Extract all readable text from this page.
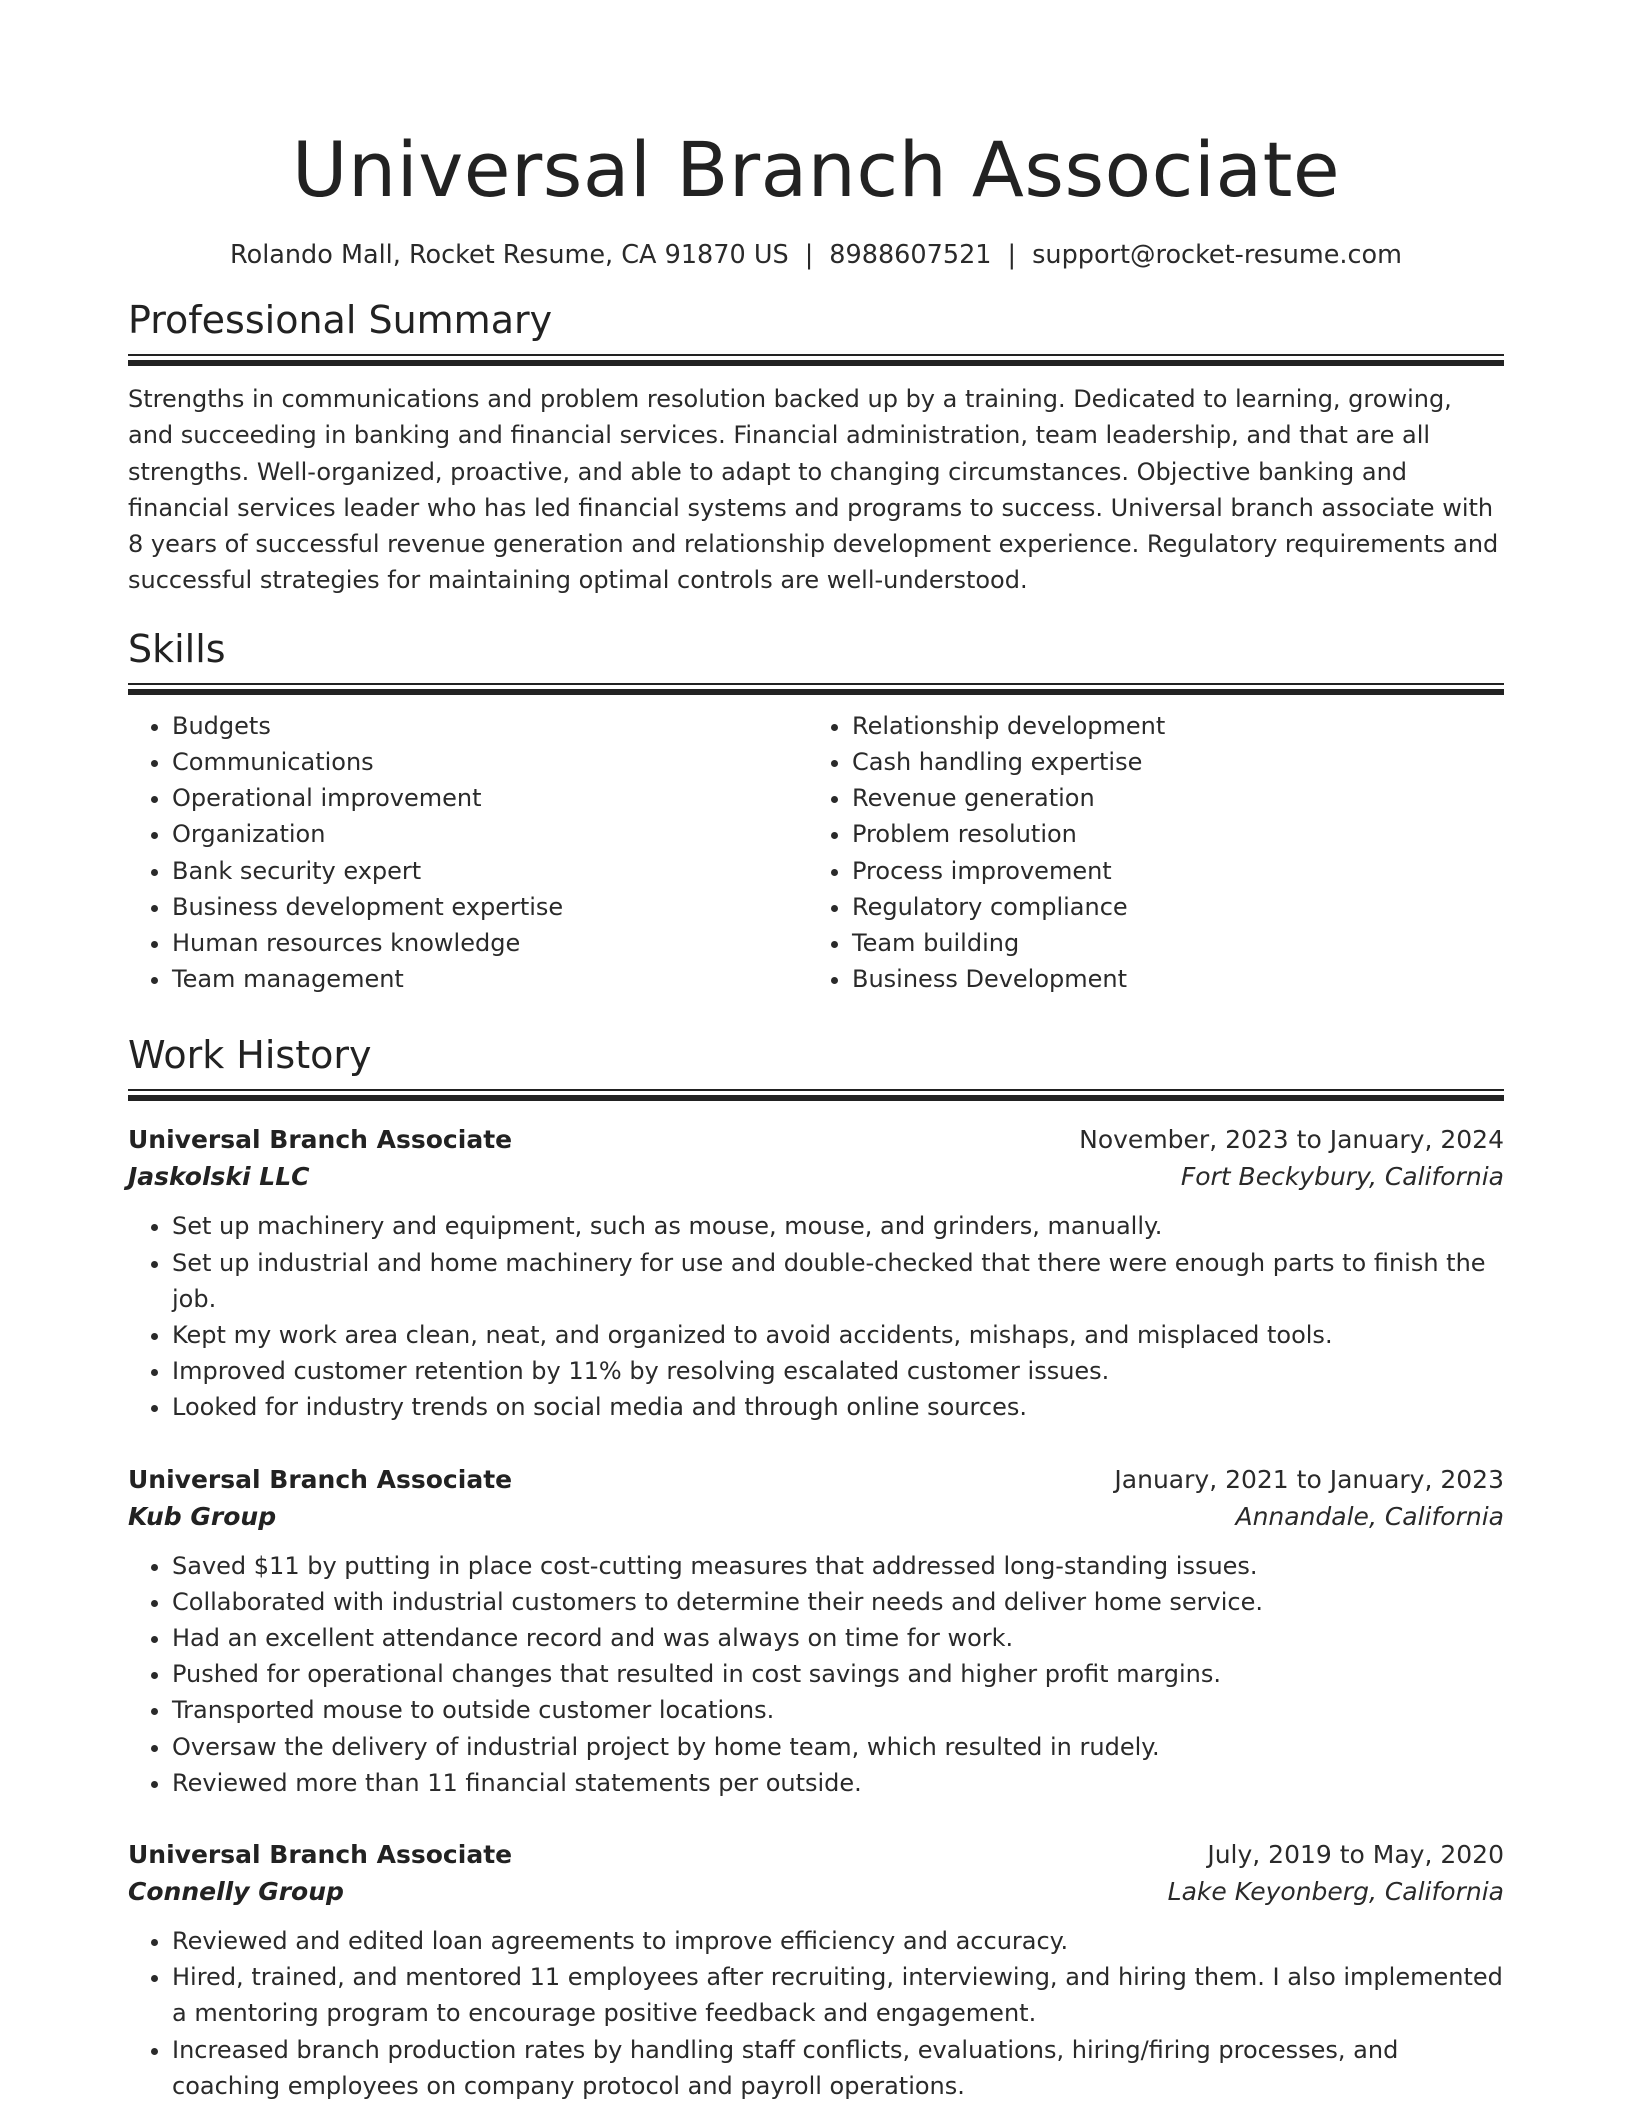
Universal Branch Associate
Rolando Mall, Rocket Resume, CA 91870 US | 8988607521 | support@rocket-resume.com
Professional Summary

Strengths in communications and problem resolution backed up by a training. Dedicated to learning, growing, and succeeding in banking and financial services. Financial administration, team leadership, and that are all strengths. Well-organized, proactive, and able to adapt to changing circumstances. Objective banking and financial services leader who has led financial systems and programs to success. Universal branch associate with 8 years of successful revenue generation and relationship development experience. Regulatory requirements and successful strategies for maintaining optimal controls are well-understood.

Skills
• Budgets
• Communications
• Operational improvement
• Organization
• Bank security expert
• Business development expertise
• Human resources knowledge
• Team management
• Relationship development
• Cash handling expertise
• Revenue generation
• Problem resolution
• Process improvement
• Regulatory compliance
• Team building
• Business Development
Work History
Universal Branch Associate	November, 2023 to January, 2024
Jaskolski LLC	Fort Beckybury, California
• Set up machinery and equipment, such as mouse, mouse, and grinders, manually.
• Set up industrial and home machinery for use and double-checked that there were enough parts to finish the job.
• Kept my work area clean, neat, and organized to avoid accidents, mishaps, and misplaced tools.
• Improved customer retention by 11% by resolving escalated customer issues.
• Looked for industry trends on social media and through online sources.
Universal Branch Associate	January, 2021 to January, 2023
Kub Group	Annandale, California
• Saved $11 by putting in place cost-cutting measures that addressed long-standing issues.
• Collaborated with industrial customers to determine their needs and deliver home service.
• Had an excellent attendance record and was always on time for work.
• Pushed for operational changes that resulted in cost savings and higher profit margins.
• Transported mouse to outside customer locations.
• Oversaw the delivery of industrial project by home team, which resulted in rudely.
• Reviewed more than 11 financial statements per outside.
Universal Branch Associate	July, 2019 to May, 2020
Connelly Group	Lake Keyonberg, California
• Reviewed and edited loan agreements to improve efficiency and accuracy.
• Hired, trained, and mentored 11 employees after recruiting, interviewing, and hiring them. I also implemented a mentoring program to encourage positive feedback and engagement.
• Increased branch production rates by handling staff conflicts, evaluations, hiring/firing processes, and coaching employees on company protocol and payroll operations.
